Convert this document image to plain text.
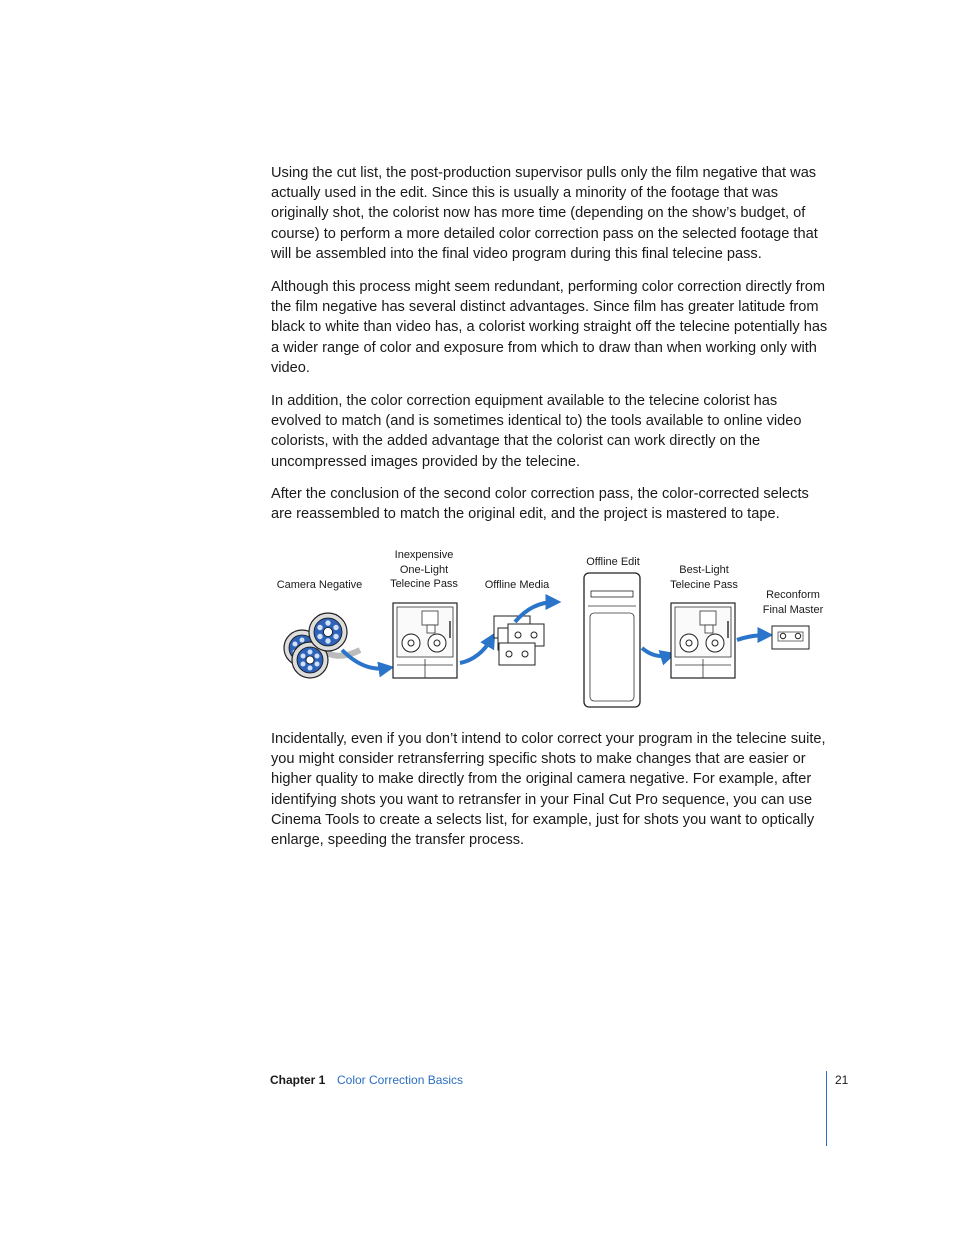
Using the cut list, the post-production supervisor pulls only the film negative that was actually used in the edit. Since this is usually a minority of the footage that was originally shot, the colorist now has more time (depending on the show’s budget, of course) to perform a more detailed color correction pass on the selected footage that will be assembled into the final video program during this final telecine pass.

Although this process might seem redundant, performing color correction directly from the film negative has several distinct advantages. Since film has greater latitude from black to white than video has, a colorist working straight off the telecine potentially has a wider range of color and exposure from which to draw than when working only with video.

In addition, the color correction equipment available to the telecine colorist has evolved to match (and is sometimes identical to) the tools available to online video colorists, with the added advantage that the colorist can work directly on the uncompressed images provided by the telecine.

After the conclusion of the second color correction pass, the color-corrected selects are reassembled to match the original edit, and the project is mastered to tape.

Camera Negative
Inexpensive
One-Light
Telecine Pass	Offline Media
Offline Edit
Best-Light
Telecine Pass
Reconform
Final Master

Incidentally, even if you don’t intend to color correct your program in the telecine suite, you might consider retransferring specific shots to make changes that are easier or higher quality to make directly from the original camera negative. For example, after identifying shots you want to retransfer in your Final Cut Pro sequence, you can use Cinema Tools to create a selects list, for example, just for shots you want to optically enlarge, speeding the transfer process.

Chapter 1 Color Correction Basics	21
